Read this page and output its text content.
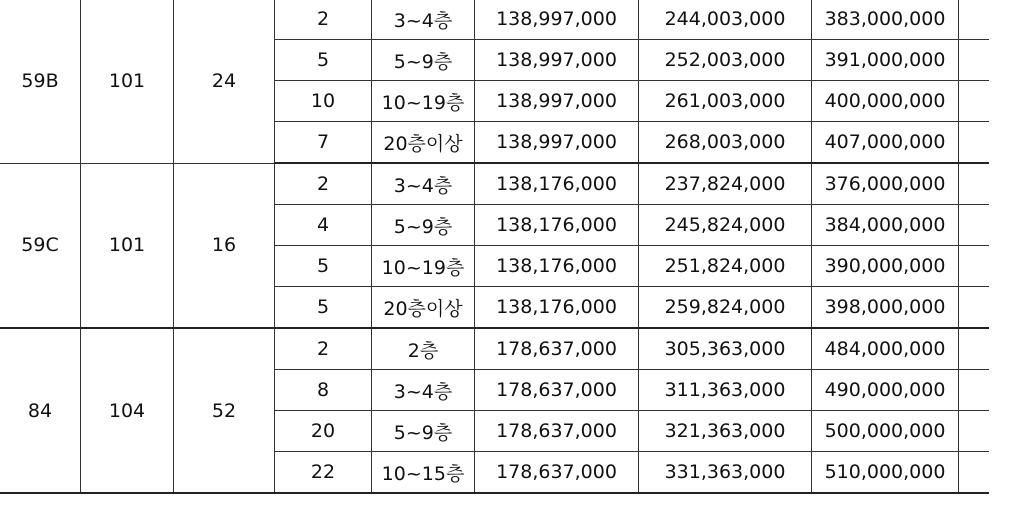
59B	101	24	2	3~4층	138,997,000	244,003,000	383,000,000	
			5	5~9층	138,997,000	252,003,000	391,000,000	
			10	10~19층	138,997,000	261,003,000	400,000,000	
			7	20층이상	138,997,000	268,003,000	407,000,000	
59C	101	16	2	3~4층	138,176,000	237,824,000	376,000,000	
			4	5~9층	138,176,000	245,824,000	384,000,000	
			5	10~19층	138,176,000	251,824,000	390,000,000	
			5	20층이상	138,176,000	259,824,000	398,000,000	
84	104	52	2	2층	178,637,000	305,363,000	484,000,000	
			8	3~4층	178,637,000	311,363,000	490,000,000	
			20	5~9층	178,637,000	321,363,000	500,000,000	
			22	10~15층	178,637,000	331,363,000	510,000,000	
